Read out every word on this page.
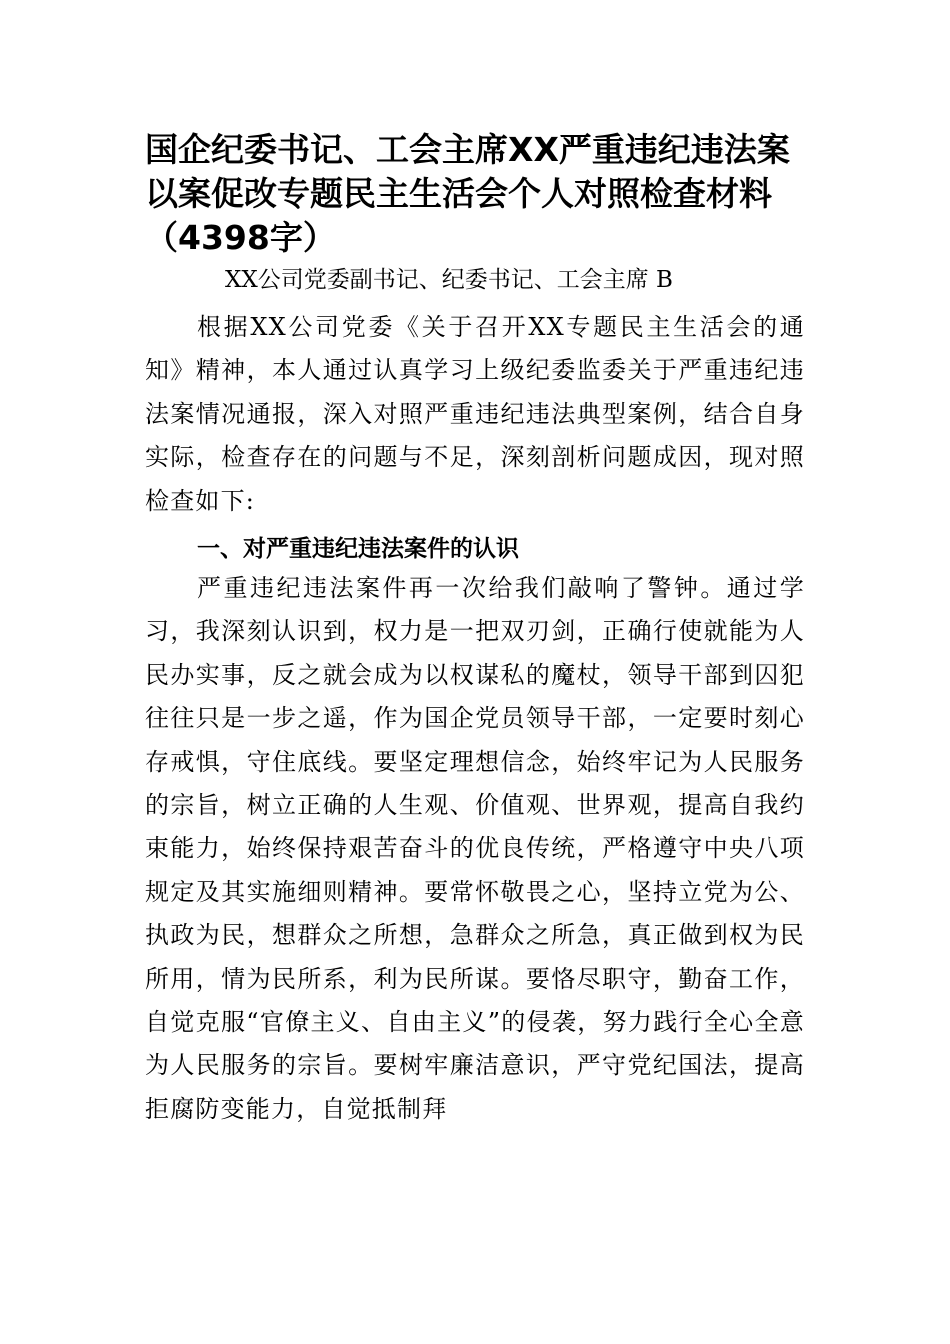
国企纪委书记、工会主席XX严重违纪违法案以案促改专题民主生活会个人对照检查材料（4398字）

XX公司党委副书记、纪委书记、工会主席 B

根据XX公司党委《关于召开XX专题民主生活会的通知》精神，本人通过认真学习上级纪委监委关于严重违纪违法案情况通报，深入对照严重违纪违法典型案例，结合自身实际，检查存在的问题与不足，深刻剖析问题成因，现对照检查如下:

一、对严重违纪违法案件的认识

严重违纪违法案件再一次给我们敲响了警钟。通过学习，我深刻认识到，权力是一把双刃剑，正确行使就能为人民办实事，反之就会成为以权谋私的魔杖，领导干部到囚犯往往只是一步之遥，作为国企党员领导干部，一定要时刻心存戒惧，守住底线。要坚定理想信念，始终牢记为人民服务的宗旨，树立正确的人生观、价值观、世界观，提高自我约束能力，始终保持艰苦奋斗的优良传统，严格遵守中央八项规定及其实施细则精神。要常怀敬畏之心，坚持立党为公、执政为民，想群众之所想，急群众之所急，真正做到权为民所用，情为民所系，利为民所谋。要恪尽职守，勤奋工作，自觉克服“官僚主义、自由主义”的侵袭，努力践行全心全意为人民服务的宗旨。要树牢廉洁意识，严守党纪国法，提高拒腐防变能力，自觉抵制拜
